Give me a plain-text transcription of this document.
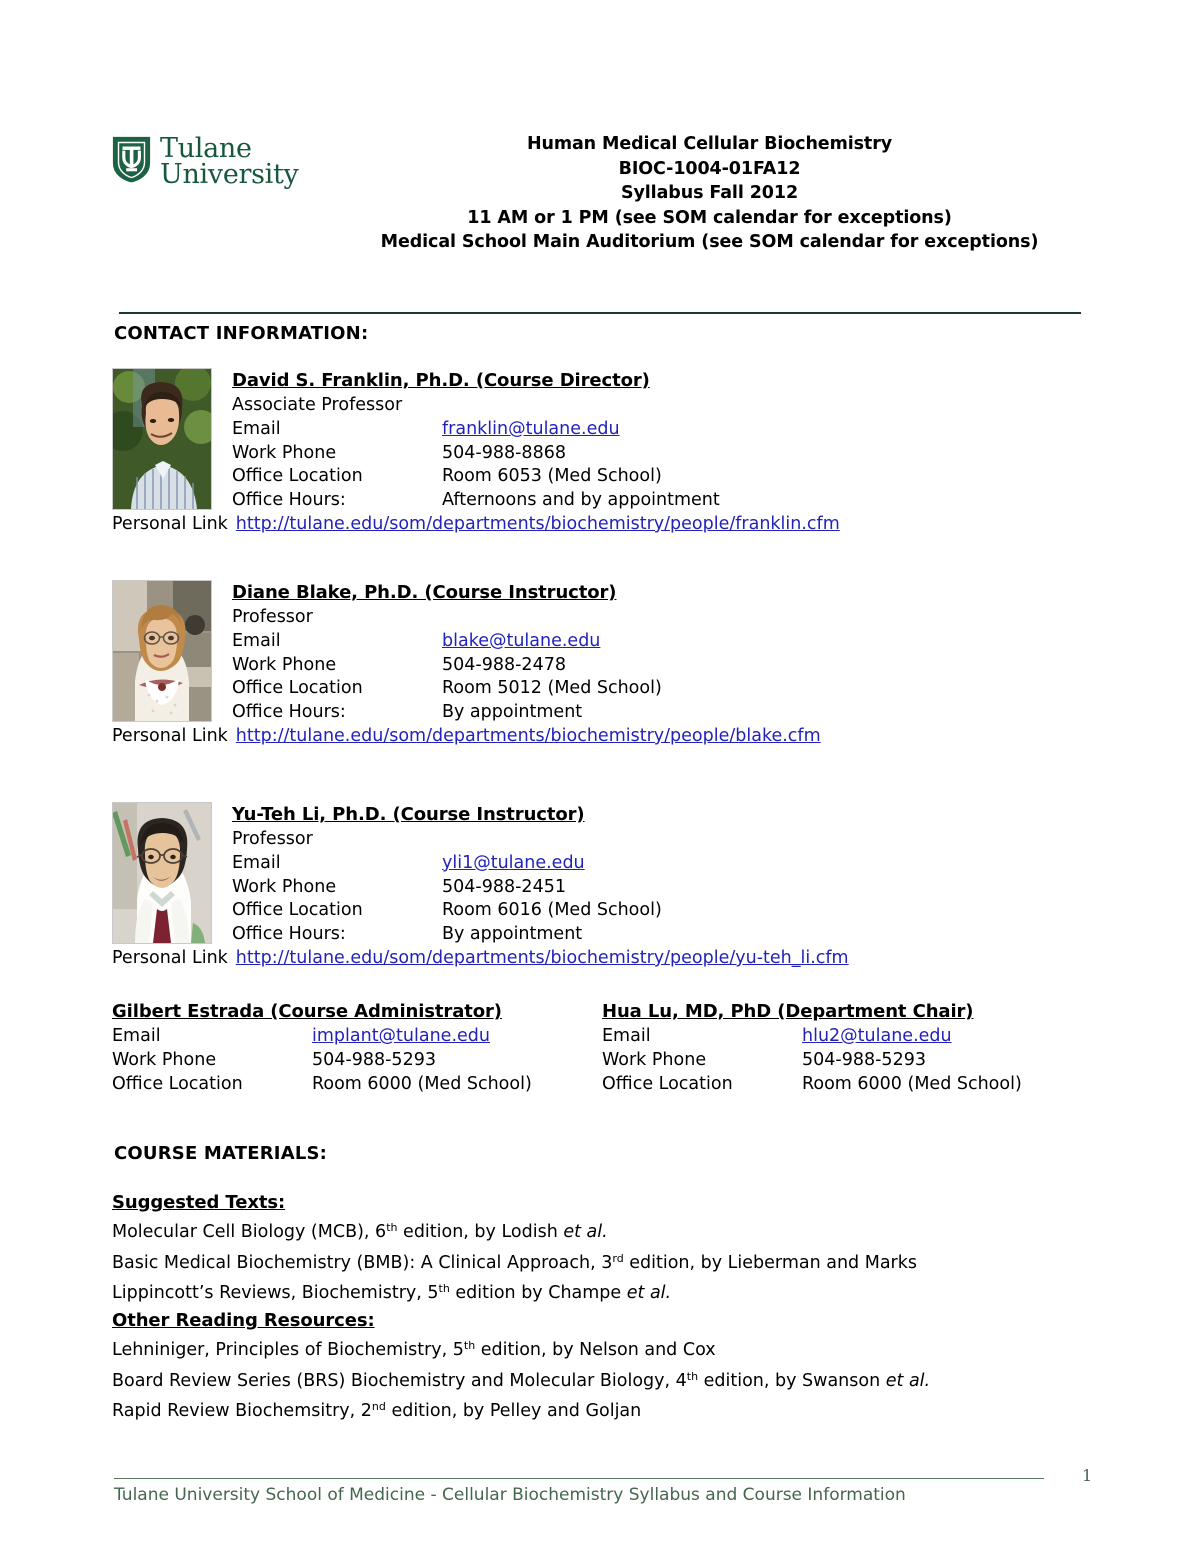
Tulane
University
Human Medical Cellular Biochemistry
BIOC-1004-01FA12
Syllabus Fall 2012
11 AM or 1 PM (see SOM calendar for exceptions)
Medical School Main Auditorium (see SOM calendar for exceptions)
CONTACT INFORMATION:
David S. Franklin, Ph.D. (Course Director)
Associate Professor
Email	franklin@tulane.edu
Work Phone	504-988-8868
Office Location	Room 6053 (Med School)
Office Hours:	Afternoons and by appointment
Personal Link http://tulane.edu/som/departments/biochemistry/people/franklin.cfm
Diane Blake, Ph.D. (Course Instructor)
Professor
Email	blake@tulane.edu
Work Phone	504-988-2478
Office Location	Room 5012 (Med School)
Office Hours:	By appointment
Personal Link http://tulane.edu/som/departments/biochemistry/people/blake.cfm
Yu-Teh Li, Ph.D. (Course Instructor)
Professor
Email	yli1@tulane.edu
Work Phone	504-988-2451
Office Location	Room 6016 (Med School)
Office Hours:	By appointment
Personal Link http://tulane.edu/som/departments/biochemistry/people/yu-teh_li.cfm
Gilbert Estrada (Course Administrator)
Email	implant@tulane.edu
Work Phone	504-988-5293
Office Location	Room 6000 (Med School)
Hua Lu, MD, PhD (Department Chair)
Email	hlu2@tulane.edu
Work Phone	504-988-5293
Office Location	Room 6000 (Med School)
COURSE MATERIALS:
Suggested Texts:
Molecular Cell Biology (MCB), 6th edition, by Lodish et al.
Basic Medical Biochemistry (BMB): A Clinical Approach, 3rd edition, by Lieberman and Marks
Lippincott’s Reviews, Biochemistry, 5th edition by Champe et al.
Other Reading Resources:
Lehniniger, Principles of Biochemistry, 5th edition, by Nelson and Cox
Board Review Series (BRS) Biochemistry and Molecular Biology, 4th edition, by Swanson et al.
Rapid Review Biochemsitry, 2nd edition, by Pelley and Goljan
Tulane University School of Medicine - Cellular Biochemistry Syllabus and Course Information
1
